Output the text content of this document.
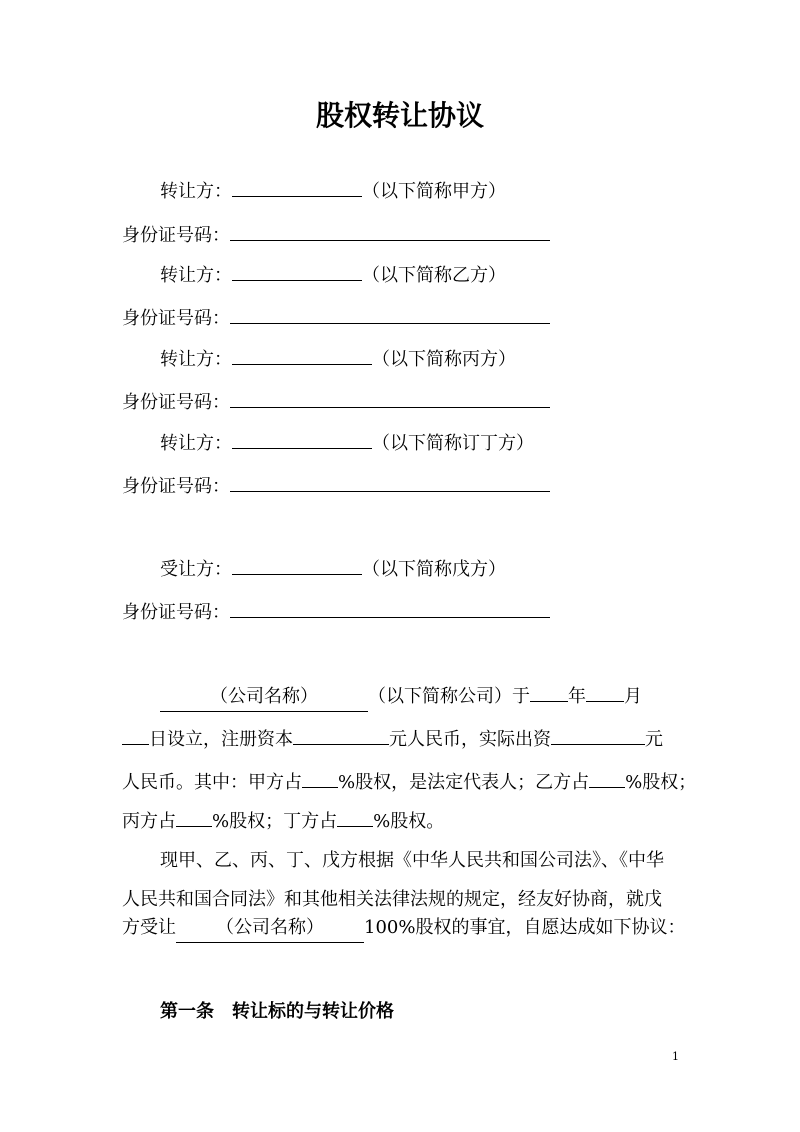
股权转让协议
转让方：	（以下简称甲方）
身份证号码：
转让方：	（以下简称乙方）
身份证号码：
转让方：	（以下简称丙方）
身份证号码：
转让方：	（以下简称订丁方）
身份证号码：
受让方：	（以下简称戊方）
身份证号码：
（公司名称）	（以下简称公司）于 年 月
日设立，注册资本	元人民币，实际出资	元
人民币。其中：甲方占 %股权，是法定代表人；乙方占 %股权；
丙方占 %股权；丁方占 %股权。
现甲、乙、丙、丁、戊方根据《中华人民共和国公司法》、《中华
人民共和国合同法》和其他相关法律法规的规定，经友好协商，就戊
方受让 （公司名称） 100%股权的事宜，自愿达成如下协议：
第一条　转让标的与转让价格
1
